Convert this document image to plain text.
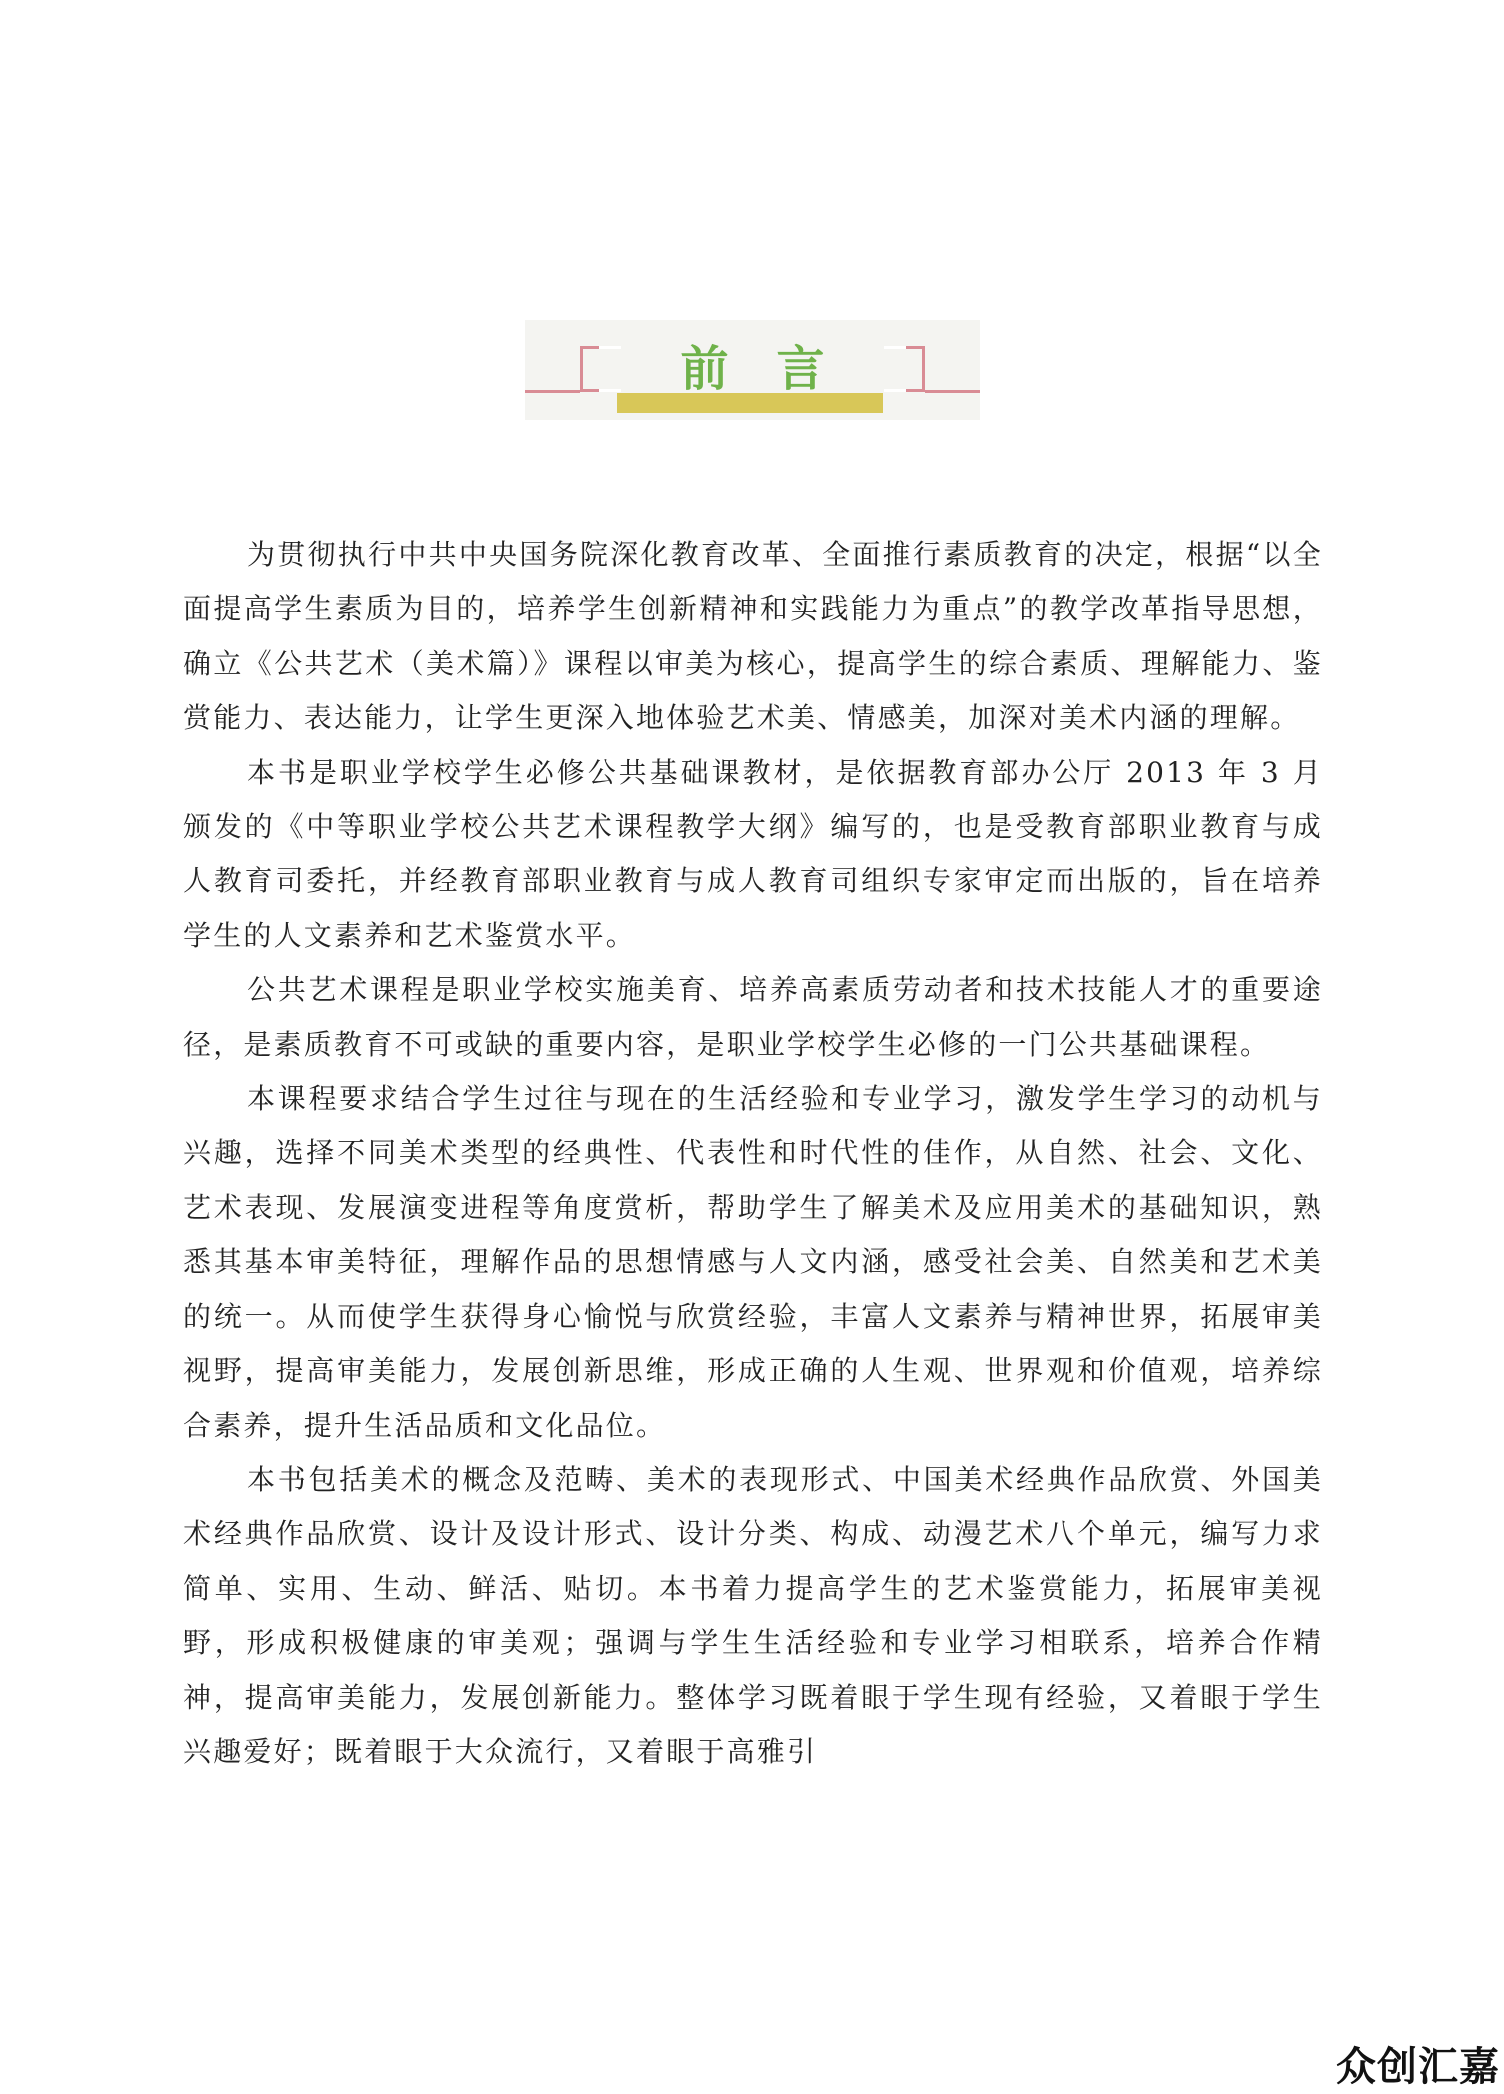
前言

为贯彻执行中共中央国务院深化教育改革、全面推行素质教育的决定，根据“以全面提高学生素质为目的，培养学生创新精神和实践能力为重点”的教学改革指导思想，确立《公共艺术（美术篇）》课程以审美为核心，提高学生的综合素质、理解能力、鉴赏能力、表达能力，让学生更深入地体验艺术美、情感美，加深对美术内涵的理解。

本书是职业学校学生必修公共基础课教材，是依据教育部办公厅 2013 年 3 月颁发的《中等职业学校公共艺术课程教学大纲》编写的，也是受教育部职业教育与成人教育司委托，并经教育部职业教育与成人教育司组织专家审定而出版的，旨在培养学生的人文素养和艺术鉴赏水平。

公共艺术课程是职业学校实施美育、培养高素质劳动者和技术技能人才的重要途径，是素质教育不可或缺的重要内容，是职业学校学生必修的一门公共基础课程。

本课程要求结合学生过往与现在的生活经验和专业学习，激发学生学习的动机与兴趣，选择不同美术类型的经典性、代表性和时代性的佳作，从自然、社会、文化、艺术表现、发展演变进程等角度赏析，帮助学生了解美术及应用美术的基础知识，熟悉其基本审美特征，理解作品的思想情感与人文内涵，感受社会美、自然美和艺术美的统一。从而使学生获得身心愉悦与欣赏经验，丰富人文素养与精神世界，拓展审美视野，提高审美能力，发展创新思维，形成正确的人生观、世界观和价值观，培养综合素养，提升生活品质和文化品位。

本书包括美术的概念及范畴、美术的表现形式、中国美术经典作品欣赏、外国美术经典作品欣赏、设计及设计形式、设计分类、构成、动漫艺术八个单元，编写力求简单、实用、生动、鲜活、贴切。本书着力提高学生的艺术鉴赏能力，拓展审美视野，形成积极健康的审美观；强调与学生生活经验和专业学习相联系，培养合作精神，提高审美能力，发展创新能力。整体学习既着眼于学生现有经验，又着眼于学生兴趣爱好；既着眼于大众流行，又着眼于高雅引

众创汇嘉
